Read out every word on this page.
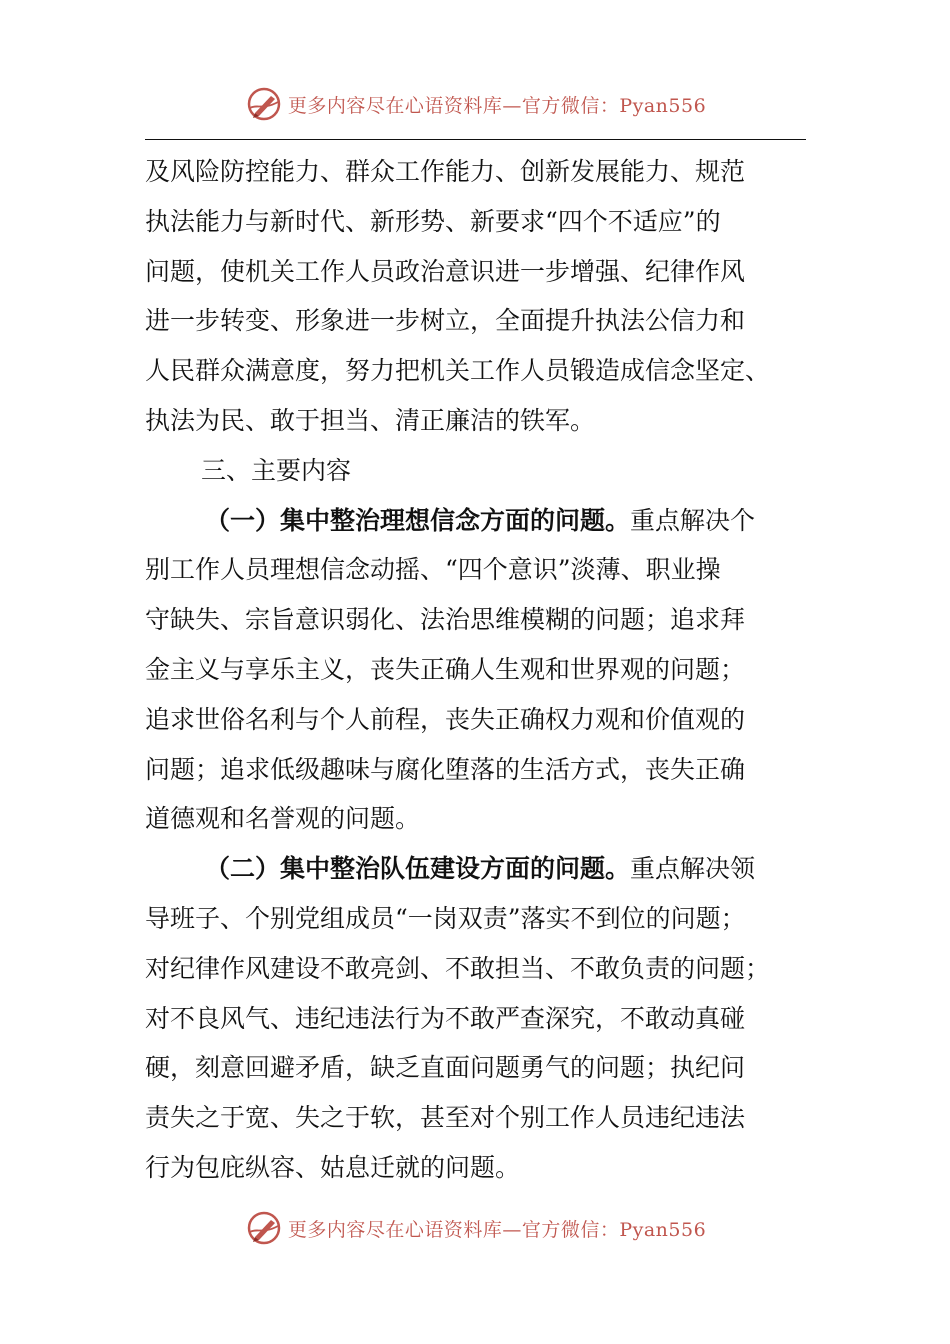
更多内容尽在心语资料库—官方微信：Pyan556
及风险防控能力、群众工作能力、创新发展能力、规范
执法能力与新时代、新形势、新要求“四个不适应”的
问题，使机关工作人员政治意识进一步增强、纪律作风
进一步转变、形象进一步树立，全面提升执法公信力和
人民群众满意度，努力把机关工作人员锻造成信念坚定、
执法为民、敢于担当、清正廉洁的铁军。
三、主要内容
（一）集中整治理想信念方面的问题。重点解决个
别工作人员理想信念动摇、“四个意识”淡薄、职业操
守缺失、宗旨意识弱化、法治思维模糊的问题；追求拜
金主义与享乐主义，丧失正确人生观和世界观的问题；
追求世俗名利与个人前程，丧失正确权力观和价值观的
问题；追求低级趣味与腐化堕落的生活方式，丧失正确
道德观和名誉观的问题。
（二）集中整治队伍建设方面的问题。重点解决领
导班子、个别党组成员“一岗双责”落实不到位的问题；
对纪律作风建设不敢亮剑、不敢担当、不敢负责的问题；
对不良风气、违纪违法行为不敢严查深究，不敢动真碰
硬，刻意回避矛盾，缺乏直面问题勇气的问题；执纪问
责失之于宽、失之于软，甚至对个别工作人员违纪违法
行为包庇纵容、姑息迁就的问题。
更多内容尽在心语资料库—官方微信：Pyan556
